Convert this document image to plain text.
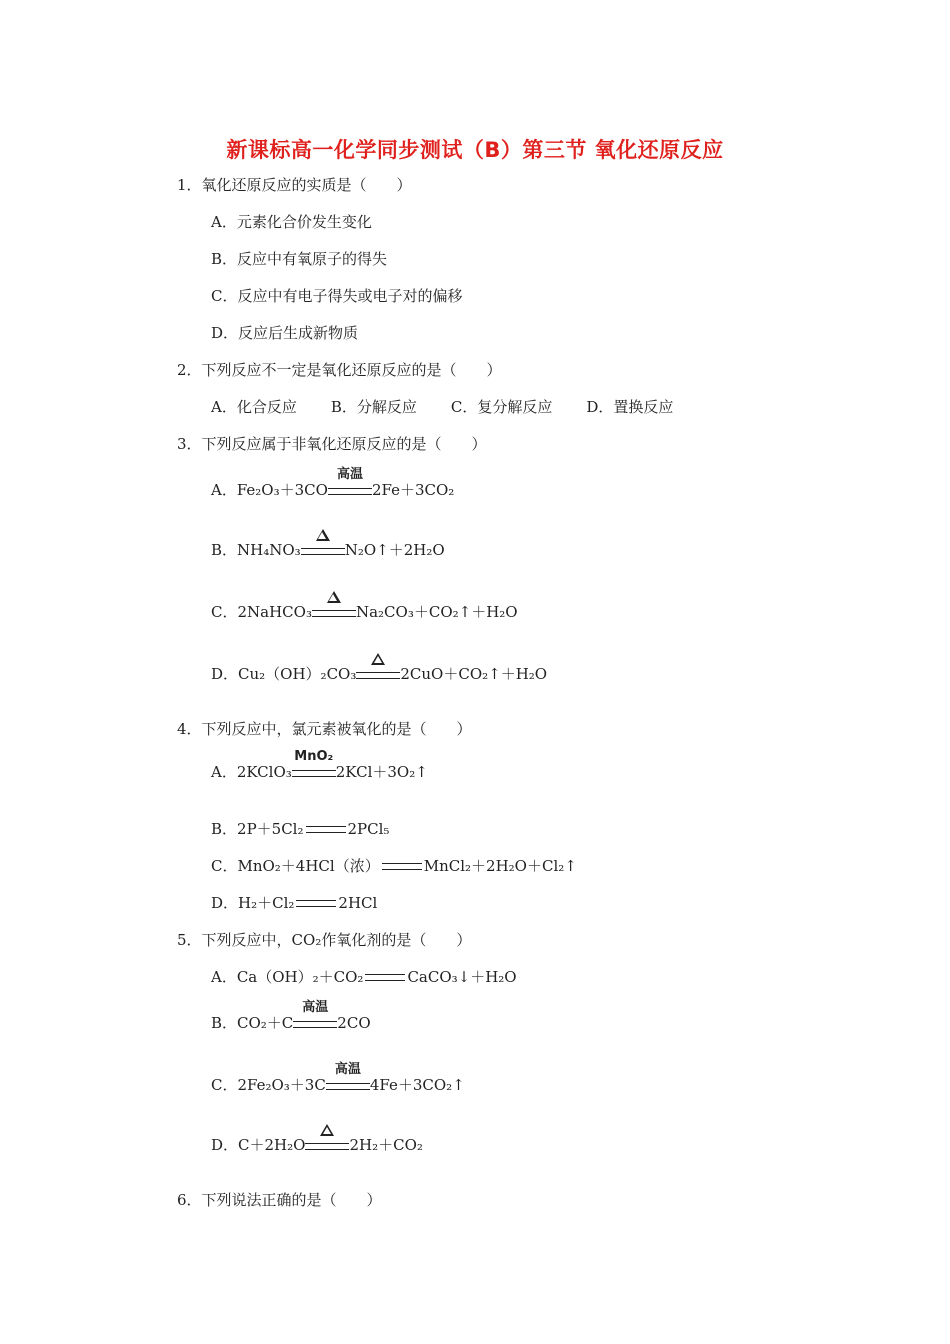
新课标高一化学同步测试（B）第三节 氧化还原反应
1．氧化还原反应的实质是（　　）
A．元素化合价发生变化
B．反应中有氧原子的得失
C．反应中有电子得失或电子对的偏移
D．反应后生成新物质
2．下列反应不一定是氧化还原反应的是（　　）
A．化合反应 B．分解反应 C．复分解反应 D．置换反应
3．下列反应属于非氧化还原反应的是（　　）
A．Fe₂O₃＋3CO
高温
2Fe＋3CO₂
B．NH₄NO₃	N₂O↑＋2H₂O
C．2NaHCO₃	Na₂CO₃＋CO₂↑＋H₂O
D．Cu₂（OH）₂CO₃	2CuO＋CO₂↑＋H₂O
4．下列反应中，氯元素被氧化的是（　　）
A．2KClO₃
MnO₂
2KCl＋3O₂↑
B．2P＋5Cl₂	2PCl₅
C．MnO₂＋4HCl（浓）	MnCl₂＋2H₂O＋Cl₂↑
D．H₂＋Cl₂	2HCl
5．下列反应中，CO₂作氧化剂的是（　　）
A．Ca（OH）₂＋CO₂	CaCO₃↓＋H₂O
B．CO₂＋C
高温
2CO
C．2Fe₂O₃＋3C
高温
4Fe＋3CO₂↑
D．C＋2H₂O	2H₂＋CO₂
6．下列说法正确的是（　　）
